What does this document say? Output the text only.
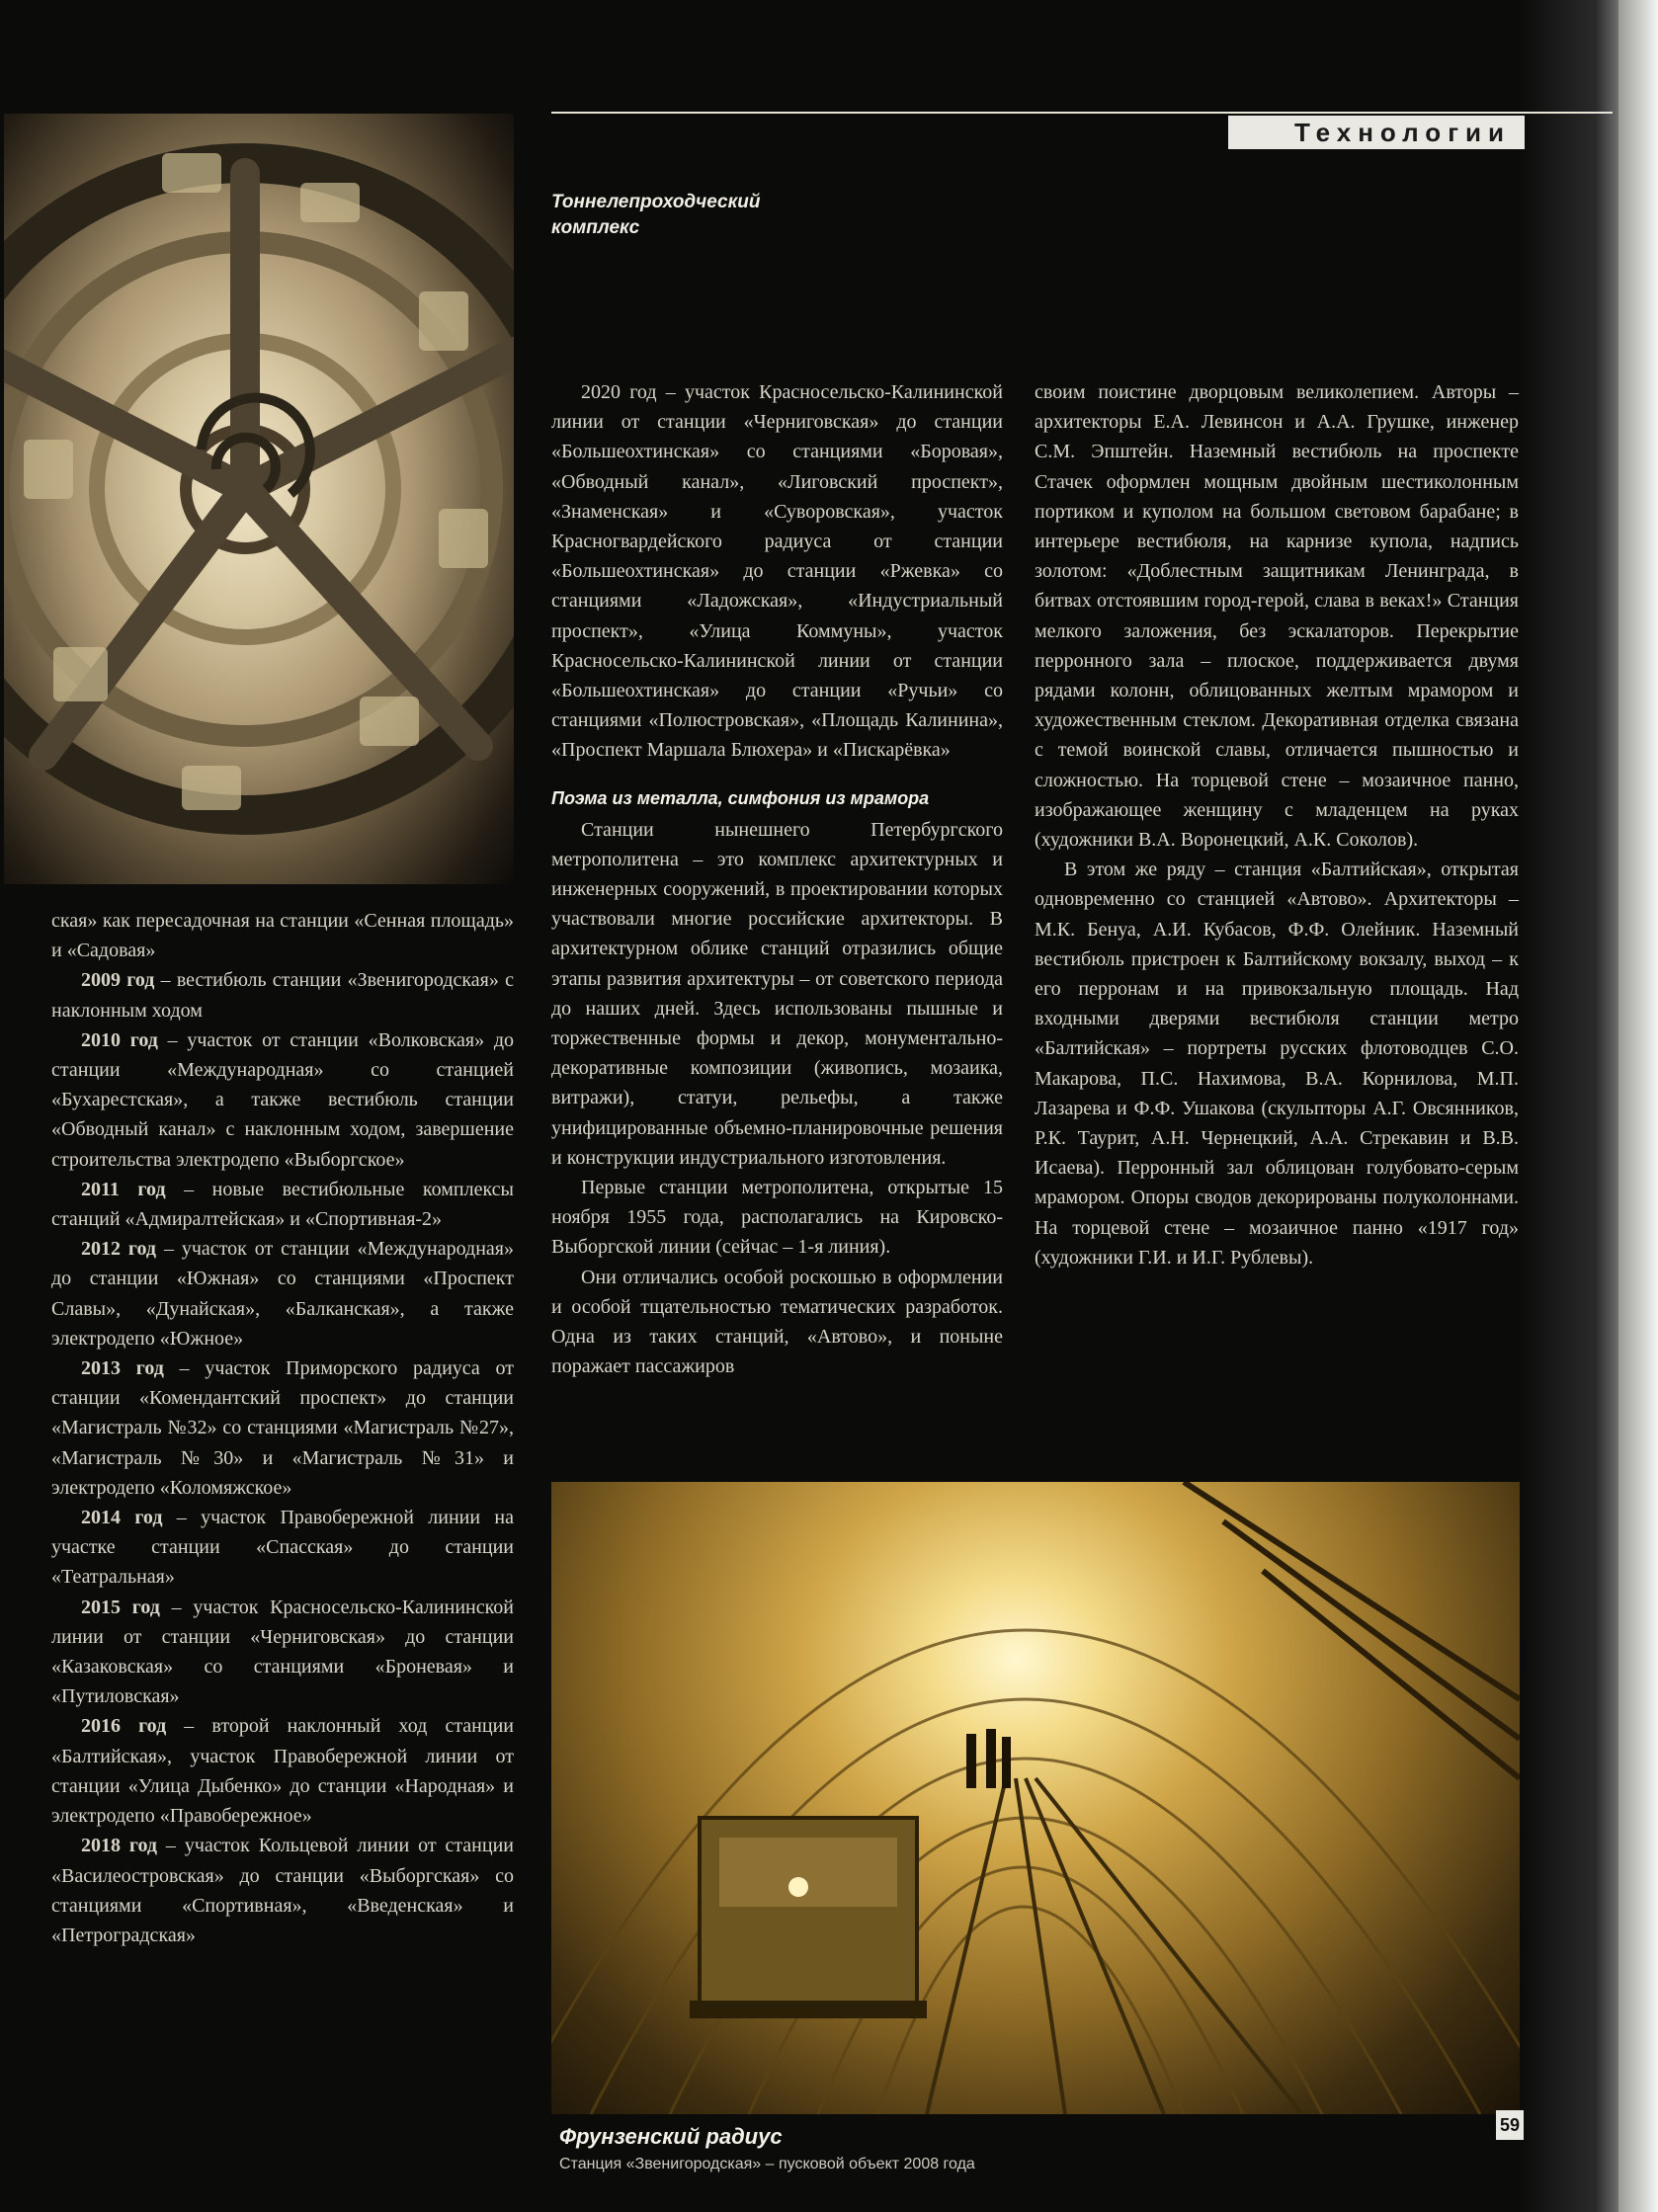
Технологии
Тоннелепроходческий
комплекс

ская» как пересадочная на станции «Сенная площадь» и «Садовая»

2009 год – вестибюль станции «Звенигородская» с наклонным ходом

2010 год – участок от станции «Волковская» до станции «Международная» со станцией «Бухарестская», а также вестибюль станции «Обводный канал» с наклонным ходом, завершение строительства электродепо «Выборгское»

2011 год – новые вестибюльные комплексы станций «Адмиралтейская» и «Спортивная-2»

2012 год – участок от станции «Международная» до станции «Южная» со станциями «Проспект Славы», «Дунайская», «Балканская», а также электродепо «Южное»

2013 год – участок Приморского радиуса от станции «Комендантский проспект» до станции «Магистраль №32» со станциями «Магистраль №27», «Магистраль №30» и «Магистраль №31» и электродепо «Коломяжское»

2014 год – участок Правобережной линии на участке станции «Спасская» до станции «Театральная»

2015 год – участок Красносельско-Калининской линии от станции «Черниговская» до станции «Казаковская» со станциями «Броневая» и «Путиловская»

2016 год – второй наклонный ход станции «Балтийская», участок Правобережной линии от станции «Улица Дыбенко» до станции «Народная» и электродепо «Правобережное»

2018 год – участок Кольцевой линии от станции «Василеостровская» до станции «Выборгская» со станциями «Спортивная», «Введенская» и «Петроградская»

2020 год – участок Красносельско-Калининской линии от станции «Черниговская» до станции «Большеохтинская» со станциями «Боровая», «Обводный канал», «Лиговский проспект», «Знаменская» и «Суворовская», участок Красногвардейского радиуса от станции «Большеохтинская» до станции «Ржевка» со станциями «Ладожская», «Индустриальный проспект», «Улица Коммуны», участок Красносельско-Калининской линии от станции «Большеохтинская» до станции «Ручьи» со станциями «Полюстровская», «Площадь Калинина», «Проспект Маршала Блюхера» и «Пискарёвка»

Поэма из металла, симфония из мрамора

Станции нынешнего Петербургского метрополитена – это комплекс архитектурных и инженерных сооружений, в проектировании которых участвовали многие российские архитекторы. В архитектурном облике станций отразились общие этапы развития архитектуры – от советского периода до наших дней. Здесь использованы пышные и торжественные формы и декор, монументально-декоративные композиции (живопись, мозаика, витражи), статуи, рельефы, а также унифицированные объемно-планировочные решения и конструкции индустриального изготовления.

Первые станции метрополитена, открытые 15 ноября 1955 года, располагались на Кировско-Выборгской линии (сейчас – 1-я линия).

Они отличались особой роскошью в оформлении и особой тщательностью тематических разработок. Одна из таких станций, «Автово», и поныне поражает пассажиров

своим поистине дворцовым великолепием. Авторы – архитекторы Е.А. Левинсон и А.А. Грушке, инженер С.М. Эпштейн. Наземный вестибюль на проспекте Стачек оформлен мощным двойным шестиколонным портиком и куполом на большом световом барабане; в интерьере вестибюля, на карнизе купола, надпись золотом: «Доблестным защитникам Ленинграда, в битвах отстоявшим город-герой, слава в веках!» Станция мелкого заложения, без эскалаторов. Перекрытие перронного зала – плоское, поддерживается двумя рядами колонн, облицованных желтым мрамором и художественным стеклом. Декоративная отделка связана с темой воинской славы, отличается пышностью и сложностью. На торцевой стене – мозаичное панно, изображающее женщину с младенцем на руках (художники В.А. Воронецкий, А.К. Соколов).

В этом же ряду – станция «Балтийская», открытая одновременно со станцией «Автово». Архитекторы – М.К. Бенуа, А.И. Кубасов, Ф.Ф. Олейник. Наземный вестибюль пристроен к Балтийскому вокзалу, выход – к его перронам и на привокзальную площадь. Над входными дверями вестибюля станции метро «Балтийская» – портреты русских флотоводцев С.О. Макарова, П.С. Нахимова, В.А. Корнилова, М.П. Лазарева и Ф.Ф. Ушакова (скульпторы А.Г. Овсянников, Р.К. Таурит, А.Н. Чернецкий, А.А. Стрекавин и В.В. Исаева). Перронный зал облицован голубовато-серым мрамором. Опоры сводов декорированы полуколоннами. На торцевой стене – мозаичное панно «1917 год» (художники Г.И. и И.Г. Рублевы).

Фрунзенский радиус
Станция «Звенигородская» – пусковой объект 2008 года
59
